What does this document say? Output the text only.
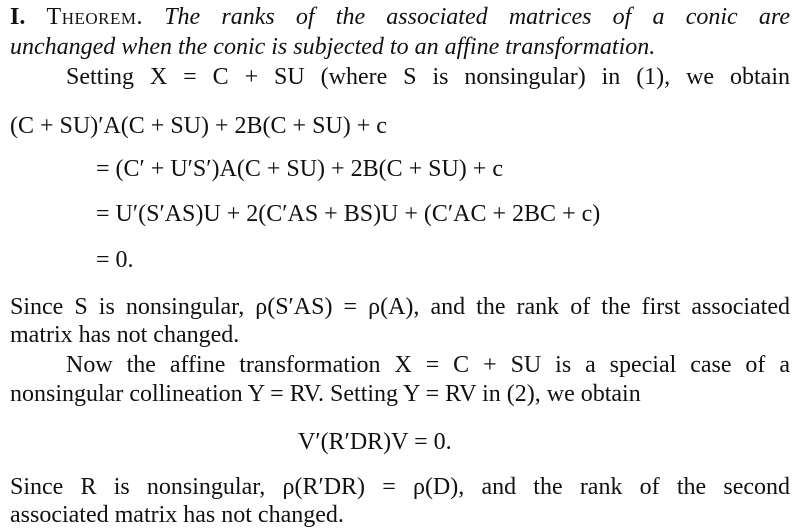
I. Theorem. The ranks of the associated matrices of a conic are
unchanged when the conic is subjected to an affine transformation.
Setting X = C + SU (where S is nonsingular) in (1), we obtain
(C + SU)′A(C + SU) + 2B(C + SU) + c
= (C′ + U′S′)A(C + SU) + 2B(C + SU) + c
= U′(S′AS)U + 2(C′AS + BS)U + (C′AC + 2BC + c)
= 0.
Since S is nonsingular, ρ(S′AS) = ρ(A), and the rank of the first associated
matrix has not changed.
Now the affine transformation X = C + SU is a special case of a
nonsingular collineation Y = RV. Setting Y = RV in (2), we obtain
V′(R′DR)V = 0.
Since R is nonsingular, ρ(R′DR) = ρ(D), and the rank of the second
associated matrix has not changed.
